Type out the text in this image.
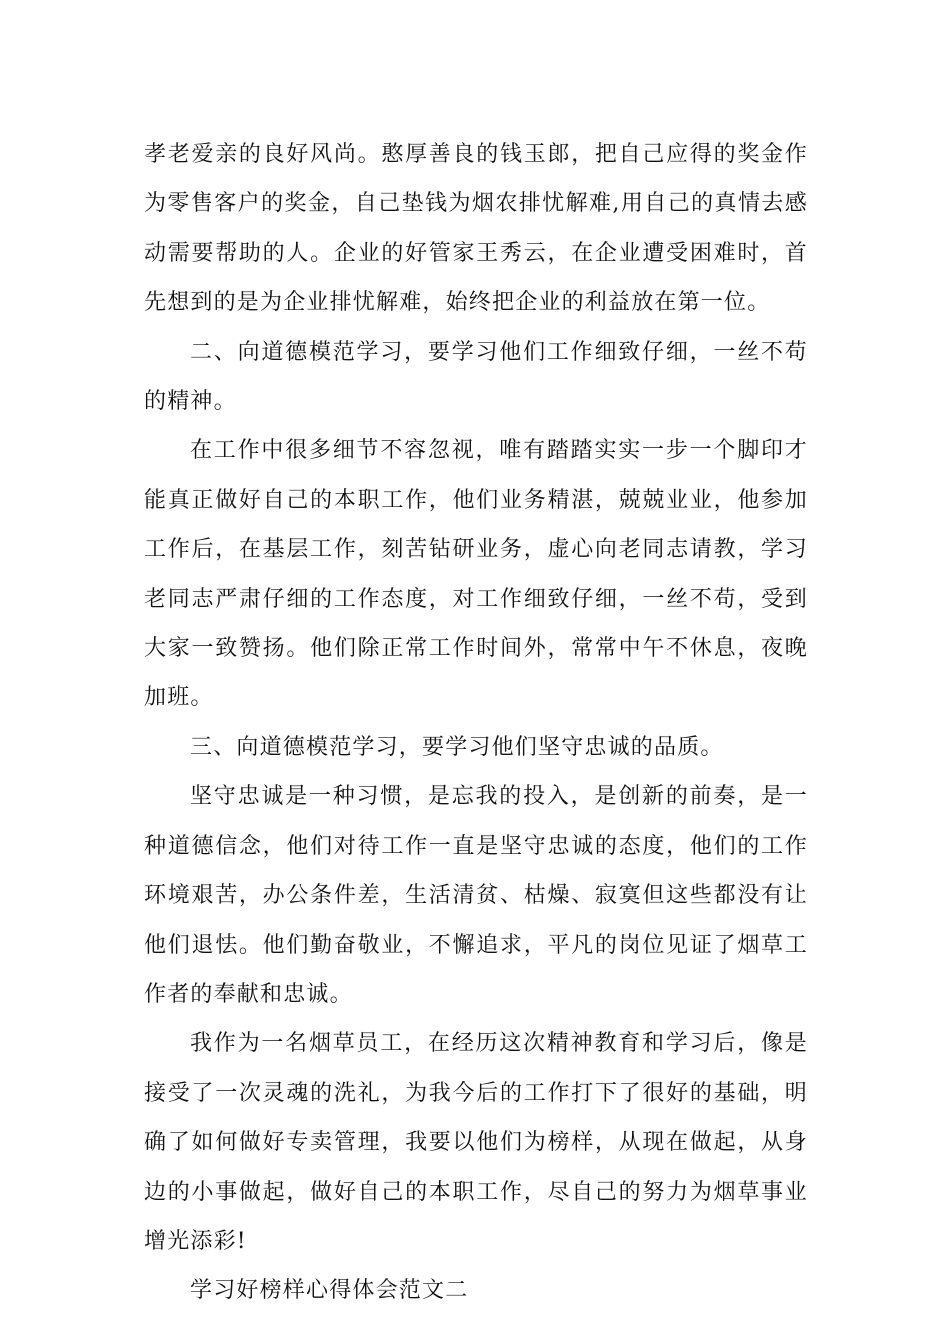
孝老爱亲的良好风尚。憨厚善良的钱玉郎，把自己应得的奖金作为零售客户的奖金，自己垫钱为烟农排忧解难,用自己的真情去感动需要帮助的人。企业的好管家王秀云，在企业遭受困难时，首先想到的是为企业排忧解难，始终把企业的利益放在第一位。

二、向道德模范学习，要学习他们工作细致仔细，一丝不苟的精神。

在工作中很多细节不容忽视，唯有踏踏实实一步一个脚印才能真正做好自己的本职工作，他们业务精湛，兢兢业业，他参加工作后，在基层工作，刻苦钻研业务，虚心向老同志请教，学习老同志严肃仔细的工作态度，对工作细致仔细，一丝不苟，受到大家一致赞扬。他们除正常工作时间外，常常中午不休息，夜晚加班。

三、向道德模范学习，要学习他们坚守忠诚的品质。

坚守忠诚是一种习惯，是忘我的投入，是创新的前奏，是一种道德信念，他们对待工作一直是坚守忠诚的态度，他们的工作环境艰苦，办公条件差，生活清贫、枯燥、寂寞但这些都没有让他们退怯。他们勤奋敬业，不懈追求，平凡的岗位见证了烟草工作者的奉献和忠诚。

我作为一名烟草员工，在经历这次精神教育和学习后，像是接受了一次灵魂的洗礼，为我今后的工作打下了很好的基础，明确了如何做好专卖管理，我要以他们为榜样，从现在做起，从身边的小事做起，做好自己的本职工作，尽自己的努力为烟草事业增光添彩!

学习好榜样心得体会范文二
